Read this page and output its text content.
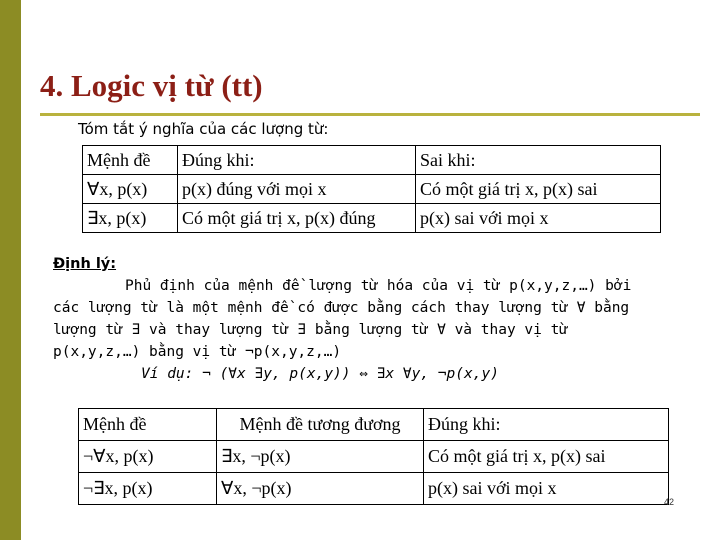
4. Logic vị từ (tt)
Tóm tắt ý nghĩa của các lượng từ:
Mệnh đề	Đúng khi:	Sai khi:
∀x, p(x)	p(x) đúng với mọi x	Có một giá trị x, p(x) sai
∃x, p(x)	Có một giá trị x, p(x) đúng	p(x) sai với mọi x
Định lý:
Phủ định của mệnh đề lượng từ hóa của vị từ p(x,y,z,…) bởi
các lượng từ là một mệnh đề có được bằng cách thay lượng từ ∀ bằng
lượng từ ∃ và thay lượng từ ∃ bằng lượng từ ∀ và thay vị từ
p(x,y,z,…) bằng vị từ ¬p(x,y,z,…)
Ví dụ: ¬ (∀x ∃y, p(x,y)) ⇔ ∃x ∀y, ¬p(x,y)
Mệnh đề	Mệnh đề tương đương	Đúng khi:
¬∀x, p(x)	∃x, ¬p(x)	Có một giá trị x, p(x) sai
¬∃x, p(x)	∀x, ¬p(x)	p(x) sai với mọi x
42
